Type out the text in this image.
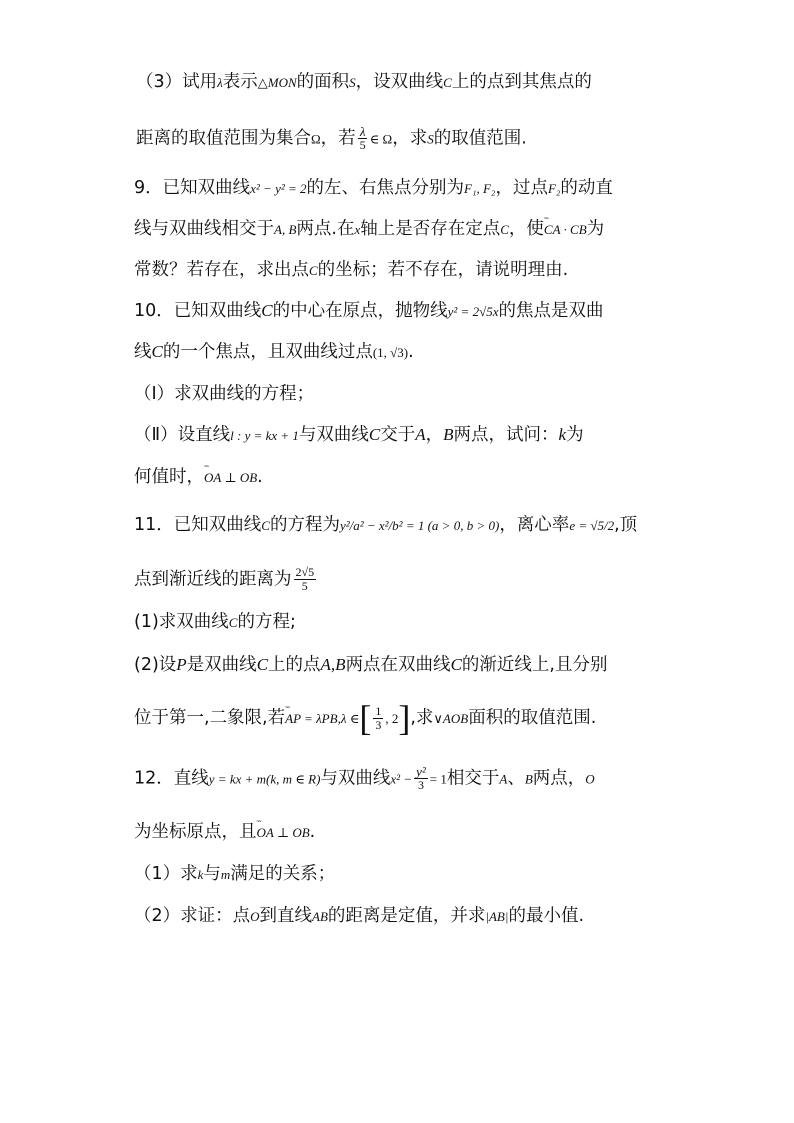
（3）试用λ表示△MON的面积S，设双曲线C上的点到其焦点的
距离的取值范围为集合Ω，若 $\frac{\lambda}{5}$ ∈ Ω，求S的取值范围.
9．已知双曲线x² − y² = 2的左、右焦点分别为F₁, F₂，过点F₂的动直
线与双曲线相交于A, B两点.在x轴上是否存在定点C，使˜˜ CA · CB为
常数？若存在，求出点C的坐标；若不存在，请说明理由.
10．已知双曲线C的中心在原点，抛物线y² = 2√5x的焦点是双曲
线C的一个焦点，且双曲线过点(1, √3).
（Ⅰ）求双曲线的方程；
（Ⅱ）设直线l : y = kx + 1与双曲线C交于A，B两点，试问：k为
何值时，˜˜ OA ⊥ OB.
11．已知双曲线C的方程为y²/a² − x²/b² = 1 (a > 0, b > 0)，离心率e = √5/2,顶
点到渐近线的距离为 $\frac{2√5}{5}$
(1)求双曲线C的方程;
(2)设P是双曲线C上的点A,B两点在双曲线C的渐近线上,且分别
位于第一,二象限,若˜˜ AP = λPB,λ ∈[ $\frac{1}{3}$ , 2],求∨AOB面积的取值范围.
12．直线y = kx + m(k, m ∈ R)与双曲线$x^2 - \frac{\text{y²}}{3} = 1$相交于A、B两点，O
为坐标原点，且˜˜ OA ⊥ OB.
（1）求k与m满足的关系；
（2）求证：点O到直线AB的距离是定值，并求|AB|的最小值.
